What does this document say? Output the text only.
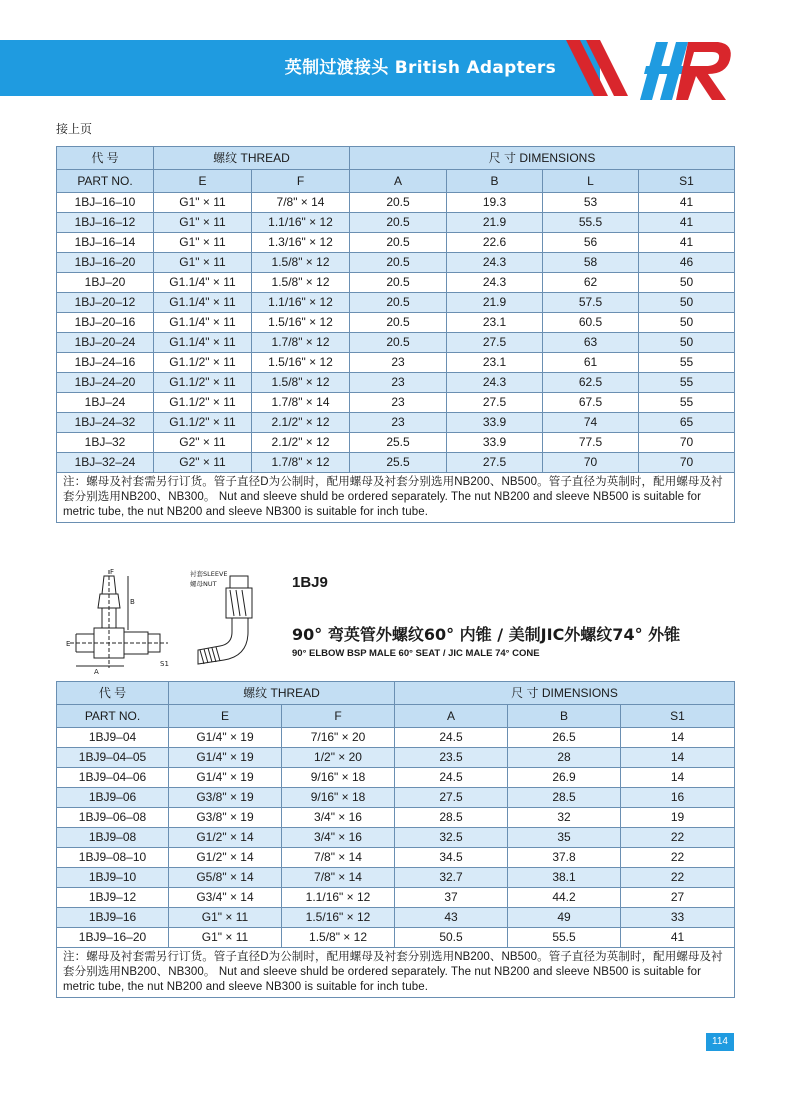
英制过渡接头 British Adapters
接上页
代 号	螺纹 THREAD		尺 寸 DIMENSIONS			
PART NO.	E	F	A	B	L	S1
1BJ–16–10	G1" × 11	7/8" × 14	20.5	19.3	53	41
1BJ–16–12	G1" × 11	1.1/16" × 12	20.5	21.9	55.5	41
1BJ–16–14	G1" × 11	1.3/16" × 12	20.5	22.6	56	41
1BJ–16–20	G1" × 11	1.5/8" × 12	20.5	24.3	58	46
1BJ–20	G1.1/4" × 11	1.5/8" × 12	20.5	24.3	62	50
1BJ–20–12	G1.1/4" × 11	1.1/16" × 12	20.5	21.9	57.5	50
1BJ–20–16	G1.1/4" × 11	1.5/16" × 12	20.5	23.1	60.5	50
1BJ–20–24	G1.1/4" × 11	1.7/8" × 12	20.5	27.5	63	50
1BJ–24–16	G1.1/2" × 11	1.5/16" × 12	23	23.1	61	55
1BJ–24–20	G1.1/2" × 11	1.5/8" × 12	23	24.3	62.5	55
1BJ–24	G1.1/2" × 11	1.7/8" × 14	23	27.5	67.5	55
1BJ–24–32	G1.1/2" × 11	2.1/2" × 12	23	33.9	74	65
1BJ–32	G2" × 11	2.1/2" × 12	25.5	33.9	77.5	70
1BJ–32–24	G2" × 11	1.7/8" × 12	25.5	27.5	70	70
注：螺母及衬套需另行订货。管子直径D为公制时，配用螺母及衬套分别选用NB200、NB500。管子直径为英制时，配用螺母及衬套分别选用NB200、NB300。 Nut and sleeve shuld be ordered separately. The nut NB200 and sleeve NB500 is suitable for metric tube, the nut NB200 and sleeve NB300 is suitable for inch tube.						
A
B
E
F
S1
衬套SLEEVE
螺母NUT	1BJ9
90° 弯英管外螺纹60° 内锥 / 美制JIC外螺纹74° 外锥
90° ELBOW BSP MALE 60° SEAT / JIC MALE 74° CONE
代 号	螺纹 THREAD		尺 寸 DIMENSIONS		
PART NO.	E	F	A	B	S1
1BJ9–04	G1/4" × 19	7/16" × 20	24.5	26.5	14
1BJ9–04–05	G1/4" × 19	1/2" × 20	23.5	28	14
1BJ9–04–06	G1/4" × 19	9/16" × 18	24.5	26.9	14
1BJ9–06	G3/8" × 19	9/16" × 18	27.5	28.5	16
1BJ9–06–08	G3/8" × 19	3/4" × 16	28.5	32	19
1BJ9–08	G1/2" × 14	3/4" × 16	32.5	35	22
1BJ9–08–10	G1/2" × 14	7/8" × 14	34.5	37.8	22
1BJ9–10	G5/8" × 14	7/8" × 14	32.7	38.1	22
1BJ9–12	G3/4" × 14	1.1/16" × 12	37	44.2	27
1BJ9–16	G1" × 11	1.5/16" × 12	43	49	33
1BJ9–16–20	G1" × 11	1.5/8" × 12	50.5	55.5	41
注：螺母及衬套需另行订货。管子直径D为公制时，配用螺母及衬套分别选用NB200、NB500。管子直径为英制时，配用螺母及衬套分别选用NB200、NB300。 Nut and sleeve shuld be ordered separately. The nut NB200 and sleeve NB500 is suitable for metric tube, the nut NB200 and sleeve NB300 is suitable for inch tube.					
114
